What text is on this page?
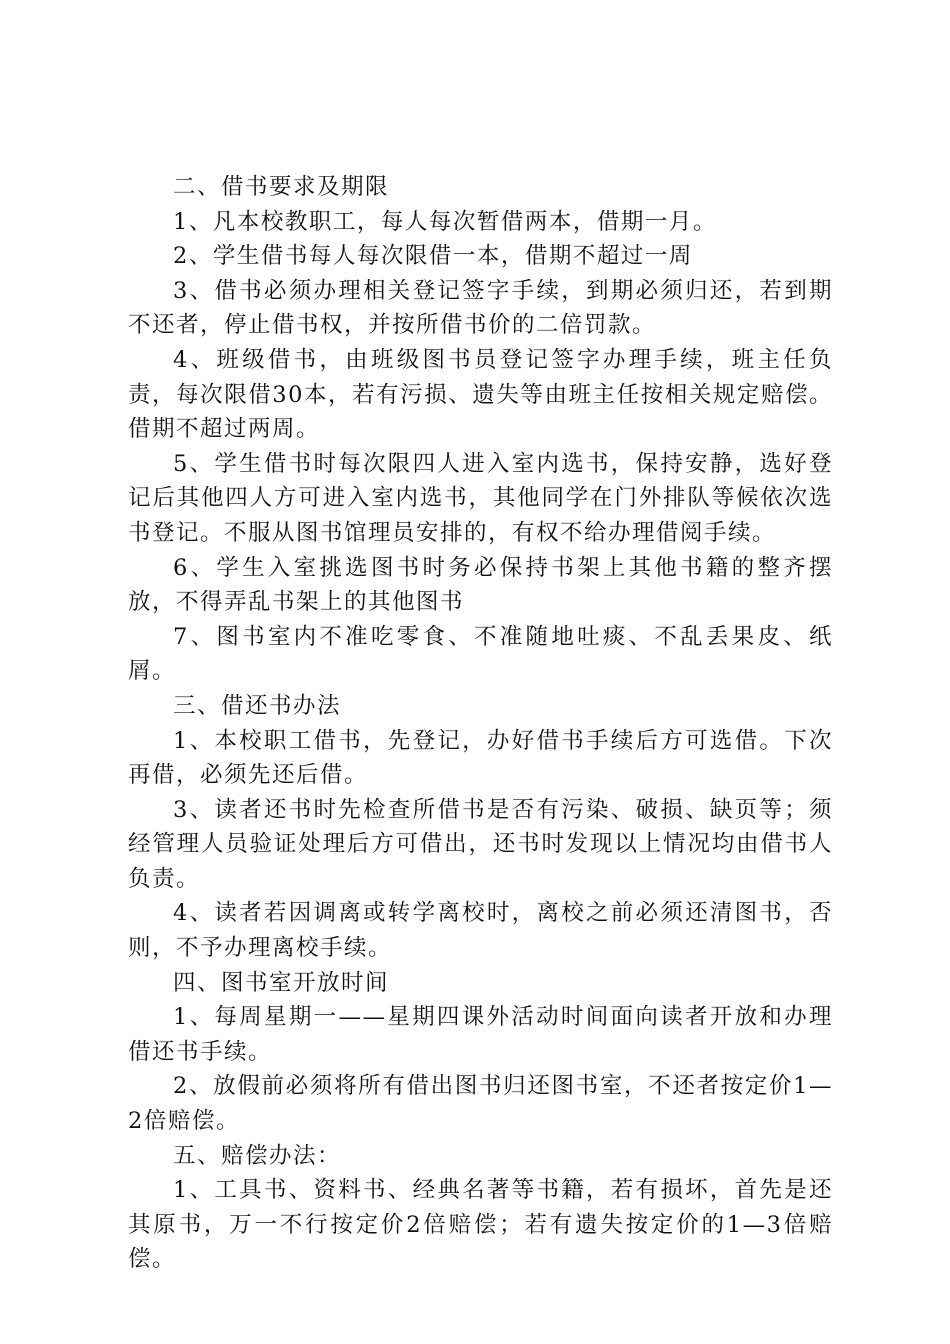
二、借书要求及期限

1、凡本校教职工，每人每次暂借两本，借期一月。

2、学生借书每人每次限借一本，借期不超过一周

3、借书必须办理相关登记签字手续，到期必须归还，若到期不还者，停止借书权，并按所借书价的二倍罚款。

4、班级借书，由班级图书员登记签字办理手续，班主任负责，每次限借30本，若有污损、遗失等由班主任按相关规定赔偿。借期不超过两周。

5、学生借书时每次限四人进入室内选书，保持安静，选好登记后其他四人方可进入室内选书，其他同学在门外排队等候依次选书登记。不服从图书馆理员安排的，有权不给办理借阅手续。

6、学生入室挑选图书时务必保持书架上其他书籍的整齐摆放，不得弄乱书架上的其他图书

7、图书室内不准吃零食、不准随地吐痰、不乱丢果皮、纸屑。

三、借还书办法

1、本校职工借书，先登记，办好借书手续后方可选借。下次再借，必须先还后借。

3、读者还书时先检查所借书是否有污染、破损、缺页等；须经管理人员验证处理后方可借出，还书时发现以上情况均由借书人负责。

4、读者若因调离或转学离校时，离校之前必须还清图书，否则，不予办理离校手续。

四、图书室开放时间

1、每周星期一——星期四课外活动时间面向读者开放和办理借还书手续。

2、放假前必须将所有借出图书归还图书室，不还者按定价1—2倍赔偿。

五、赔偿办法：

1、工具书、资料书、经典名著等书籍，若有损坏，首先是还其原书，万一不行按定价2倍赔偿；若有遗失按定价的1—3倍赔偿。
